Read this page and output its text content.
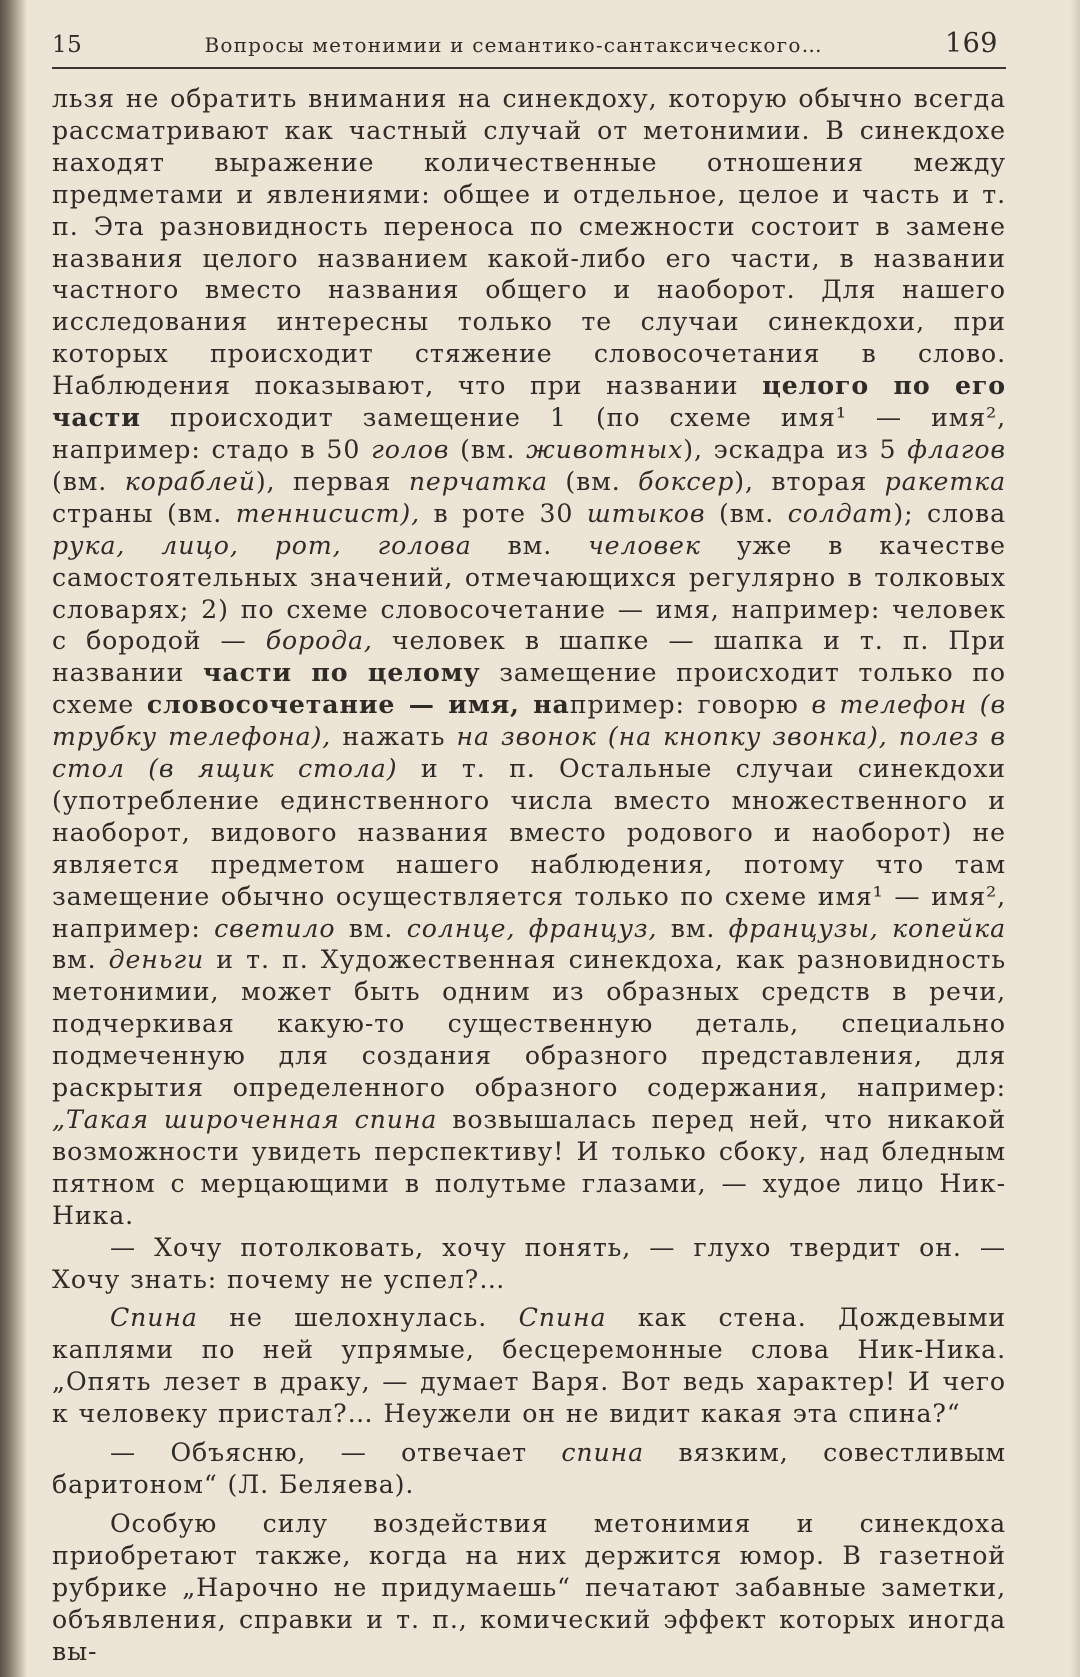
15	Вопросы метонимии и семантико-сантаксического…	169

льзя не обратить внимания на синекдоху, которую обычно всегда рассматривают как частный случай от метонимии. В синекдохе находят выражение количественные отношения между предметами и явлениями: общее и отдельное, целое и часть и т. п. Эта разновидность переноса по смежности состоит в замене названия целого названием какой-либо его части, в названии частного вместо названия общего и наоборот. Для нашего исследования интересны только те случаи синекдохи, при которых происходит стяжение словосочетания в слово. Наблюдения показывают, что при названии целого по его части происходит замещение 1 (по схеме имя¹ — имя², например: стадо в 50 голов (вм. животных), эскадра из 5 флагов (вм. кораблей), первая перчатка (вм. боксер), вторая ракетка страны (вм. теннисист), в роте 30 штыков (вм. солдат); слова рука, лицо, рот, голова вм. человек уже в качестве самостоятельных значений, отмечающихся регулярно в толковых словарях; 2) по схеме словосочетание — имя, например: человек с бородой — борода, человек в шапке — шапка и т. п. При названии части по целому замещение происходит только по схеме словосочетание — имя, например: говорю в телефон (в трубку телефона), нажать на звонок (на кнопку звонка), полез в стол (в ящик стола) и т. п. Остальные случаи синекдохи (употребление единственного числа вместо множественного и наоборот, видового названия вместо родового и наоборот) не является предметом нашего наблюдения, потому что там замещение обычно осуществляется только по схеме имя¹ — имя², например: светило вм. солнце, француз, вм. французы, копейка вм. деньги и т. п. Художественная синекдоха, как разновидность метонимии, может быть одним из образных средств в речи, подчеркивая какую-то существенную деталь, специально подмеченную для создания образного представления, для раскрытия определенного образного содержания, например: „Такая широченная спина возвышалась перед ней, что никакой возможности увидеть перспективу! И только сбоку, над бледным пятном с мерцающими в полутьме глазами, — худое лицо Ник-Ника.

— Хочу потолковать, хочу понять, — глухо твердит он. — Хочу знать: почему не успел?…

Спина не шелохнулась. Спина как стена. Дождевыми каплями по ней упрямые, бесцеремонные слова Ник-Ника. „Опять лезет в драку, — думает Варя. Вот ведь характер! И чего к человеку пристал?… Неужели он не видит какая эта спина?“

— Объясню, — отвечает спина вязким, совестливым баритоном“ (Л. Беляева).

Особую силу воздействия метонимия и синекдоха приобретают также, когда на них держится юмор. В газетной рубрике „Нарочно не придумаешь“ печатают забавные заметки, объявления, справки и т. п., комический эффект которых иногда вы-
